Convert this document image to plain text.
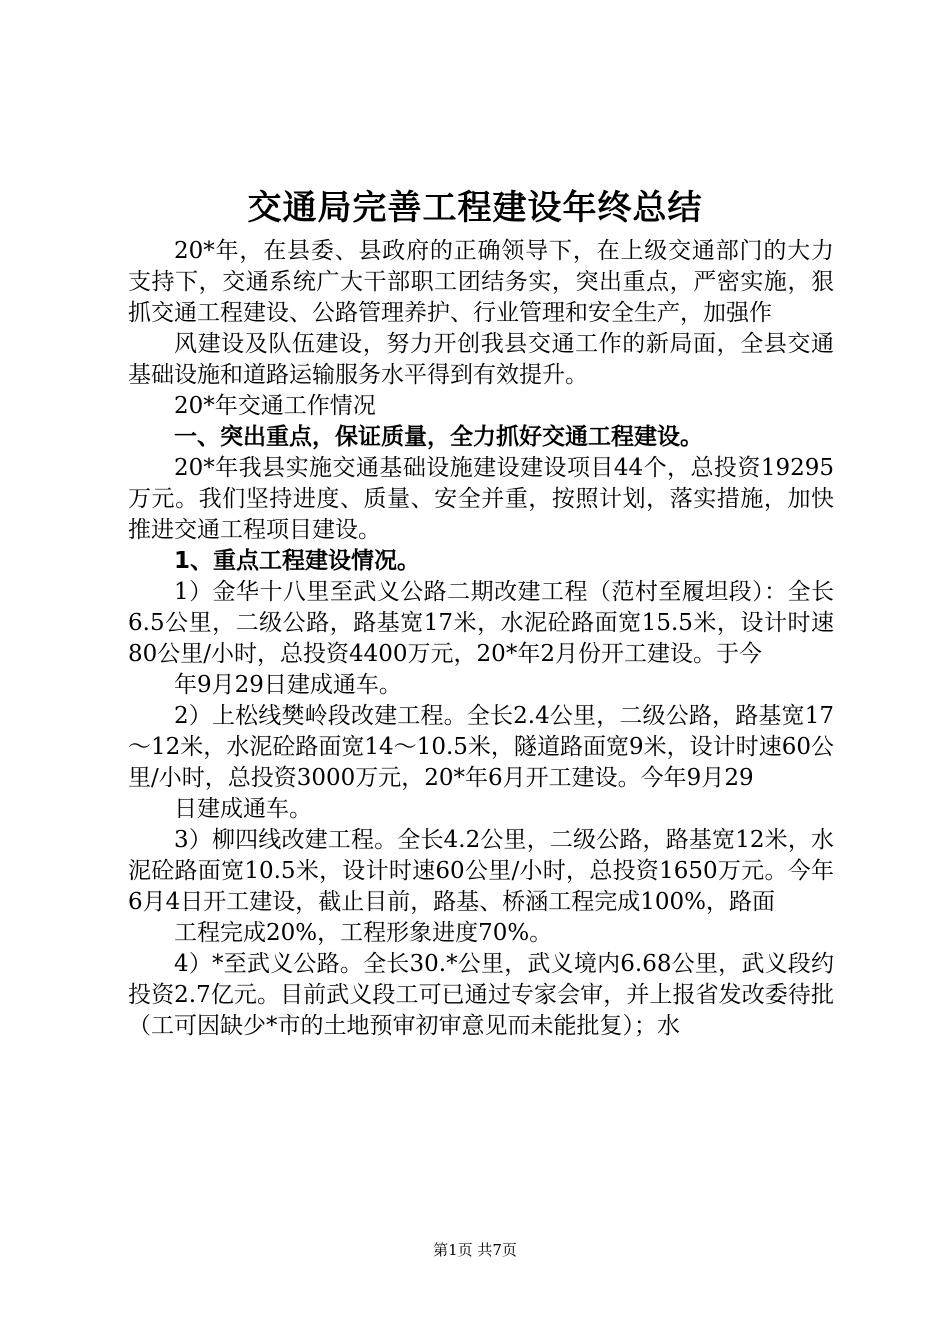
交通局完善工程建设年终总结

20*年，在县委、县政府的正确领导下，在上级交通部门的大力支持下，交通系统广大干部职工团结务实，突出重点，严密实施，狠抓交通工程建设、公路管理养护、行业管理和安全生产，加强作

风建设及队伍建设，努力开创我县交通工作的新局面，全县交通基础设施和道路运输服务水平得到有效提升。

20*年交通工作情况

一、突出重点，保证质量，全力抓好交通工程建设。

20*年我县实施交通基础设施建设建设项目44个，总投资19295万元。我们坚持进度、质量、安全并重，按照计划，落实措施，加快推进交通工程项目建设。

1、重点工程建设情况。

1）金华十八里至武义公路二期改建工程（范村至履坦段）：全长6.5公里，二级公路，路基宽17米，水泥砼路面宽15.5米，设计时速80公里/小时，总投资4400万元，20*年2月份开工建设。于今

年9月29日建成通车。

2）上松线樊岭段改建工程。全长2.4公里，二级公路，路基宽17～12米，水泥砼路面宽14～10.5米，隧道路面宽9米，设计时速60公里/小时，总投资3000万元，20*年6月开工建设。今年9月29

日建成通车。

3）柳四线改建工程。全长4.2公里，二级公路，路基宽12米，水泥砼路面宽10.5米，设计时速60公里/小时，总投资1650万元。今年6月4日开工建设，截止目前，路基、桥涵工程完成100%，路面

工程完成20%，工程形象进度70%。

4）*至武义公路。全长30.*公里，武义境内6.68公里，武义段约投资2.7亿元。目前武义段工可已通过专家会审，并上报省发改委待批（工可因缺少*市的土地预审初审意见而未能批复）；水

第1页 共7页
